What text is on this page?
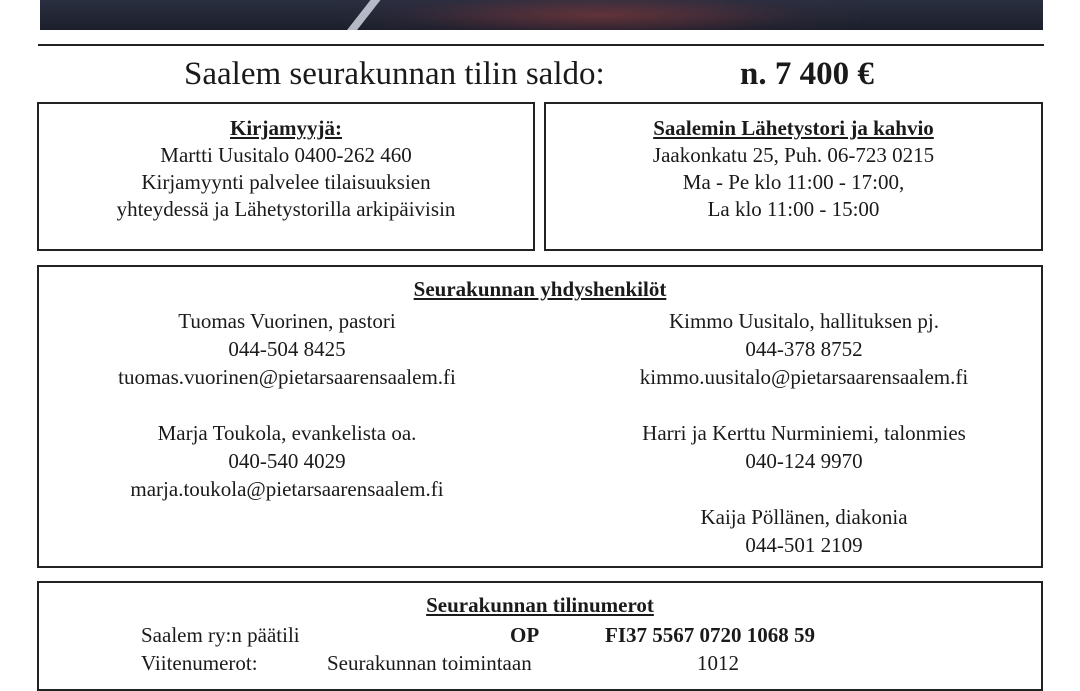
Saalem seurakunnan tilin saldo:	n. 7 400 €
Kirjamyyjä:
Martti Uusitalo 0400-262 460
Kirjamyynti palvelee tilaisuuksien
yhteydessä ja Lähetystorilla arkipäivisin
Saalemin Lähetystori ja kahvio
Jaakonkatu 25, Puh. 06-723 0215
Ma - Pe klo 11:00 - 17:00,
La klo 11:00 - 15:00
Seurakunnan yhdyshenkilöt
Tuomas Vuorinen, pastori
044-504 8425
tuomas.vuorinen@pietarsaarensaalem.fi
Marja Toukola, evankelista oa.
040-540 4029
marja.toukola@pietarsaarensaalem.fi
Kimmo Uusitalo, hallituksen pj.
044-378 8752
kimmo.uusitalo@pietarsaarensaalem.fi
Harri ja Kerttu Nurminiemi, talonmies
040-124 9970
Kaija Pöllänen, diakonia
044-501 2109
Seurakunnan tilinumerot
Saalem ry:n päätili	OP	FI37 5567 0720 1068 59
Viitenumerot:	Seurakunnan toimintaan	1012
